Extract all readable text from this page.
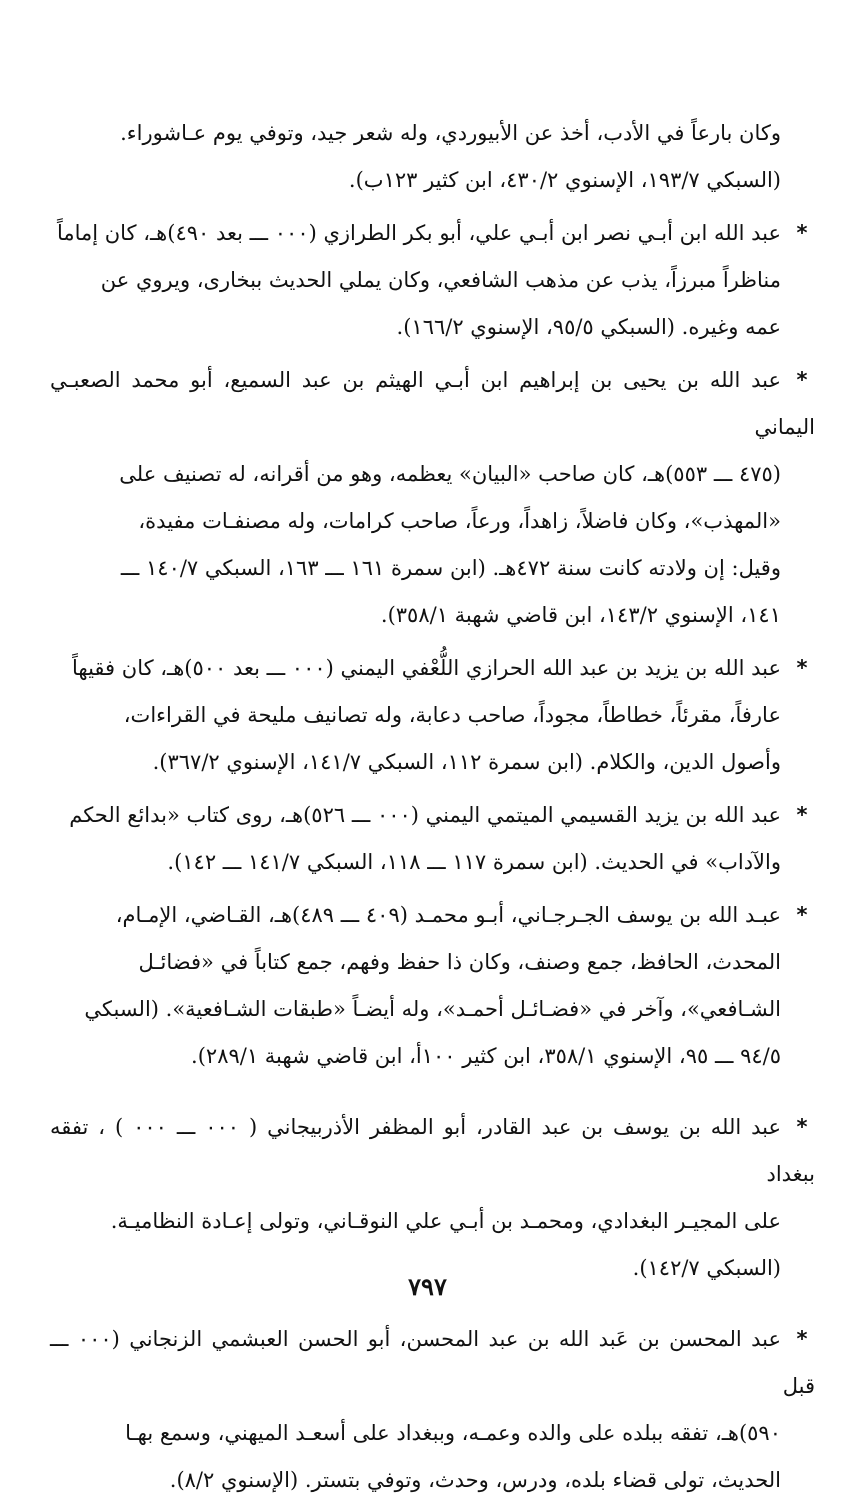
وكان بارعاً في الأدب، أخذ عن الأبيوردي، وله شعر جيد، وتوفي يوم عـاشوراء.
(السبكي ١٩٣/٧، الإسنوي ٤٣٠/٢، ابن كثير ١٢٣ب).
*عبد الله ابن أبـي نصر ابن أبـي علي، أبو بكر الطرازي (٠٠٠ ـــ بعد ٤٩٠)هـ، كان إماماً
مناظراً مبرزاً، يذب عن مذهب الشافعي، وكان يملي الحديث ببخارى، ويروي عن
عمه وغيره. (السبكي ٩٥/٥، الإسنوي ١٦٦/٢).
*عبد الله بن يحيى بن إبراهيم ابن أبـي الهيثم بن عبد السميع، أبو محمد الصعبـي اليماني
(٤٧٥ ـــ ٥٥٣)هـ، كان صاحب «البيان» يعظمه، وهو من أقرانه، له تصنيف على
«المهذب»، وكان فاضلاً، زاهداً، ورعاً، صاحب كرامات، وله مصنفـات مفيدة،
وقيل: إن ولادته كانت سنة ٤٧٢هـ. (ابن سمرة ١٦١ ـــ ١٦٣، السبكي ١٤٠/٧ ـــ
١٤١، الإسنوي ١٤٣/٢، ابن قاضي شهبة ٣٥٨/١).
*عبد الله بن يزيد بن عبد الله الحرازي اللُّعْفي اليمني (٠٠٠ ـــ بعد ٥٠٠)هـ، كان فقيهاً
عارفاً، مقرئاً، خطاطاً، مجوداً، صاحب دعابة، وله تصانيف مليحة في القراءات،
وأصول الدين، والكلام. (ابن سمرة ١١٢، السبكي ١٤١/٧، الإسنوي ٣٦٧/٢).
*عبد الله بن يزيد القسيمي الميتمي اليمني (٠٠٠ ـــ ٥٢٦)هـ، روى كتاب «بدائع الحكم
والآداب» في الحديث. (ابن سمرة ١١٧ ـــ ١١٨، السبكي ١٤١/٧ ـــ ١٤٢).
*عبـد الله بن يوسف الجـرجـاني، أبـو محمـد (٤٠٩ ـــ ٤٨٩)هـ، القـاضي، الإمـام،
المحدث، الحافظ، جمع وصنف، وكان ذا حفظ وفهم، جمع كتاباً في «فضائـل
الشـافعي»، وآخر في «فضـائـل أحمـد»، وله أيضـاً «طبقات الشـافعية». (السبكي
٩٤/٥ ـــ ٩٥، الإسنوي ٣٥٨/١، ابن كثير ١٠٠أ، ابن قاضي شهبة ٢٨٩/١).
*عبد الله بن يوسف بن عبد القادر، أبو المظفر الأذربيجاني ( ٠٠٠ ـــ ٠٠٠ ) ، تفقه ببغداد
على المجيـر البغدادي، ومحمـد بن أبـي علي النوقـاني، وتولى إعـادة النظاميـة.
(السبكي ١٤٢/٧).
*عبد المحسن بن عَبد الله بن عبد المحسن، أبو الحسن العبشمي الزنجاني (٠٠٠ ـــ قبل
٥٩٠)هـ، تفقه ببلده على والده وعمـه، وببغداد على أسعـد الميهني، وسمع بهـا
الحديث، تولى قضاء بلده، ودرس، وحدث، وتوفي بتستر. (الإسنوي ٨/٢).
٧٩٧
